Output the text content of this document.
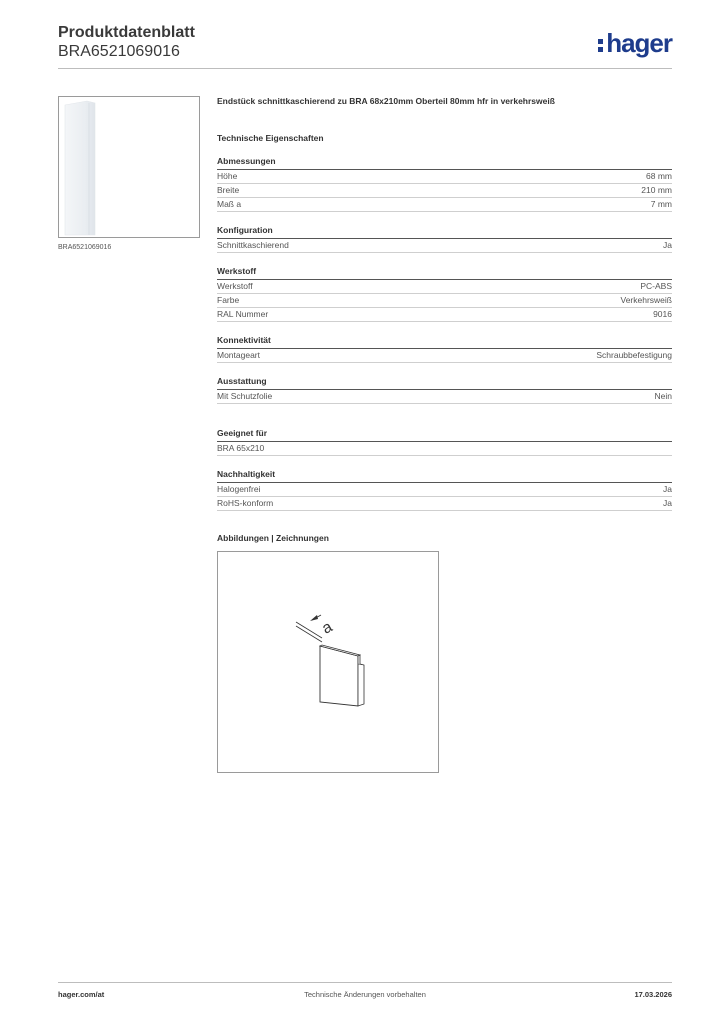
Produktdatenblatt
BRA6521069016	hager
BRA6521069016
Endstück schnittkaschierend zu BRA 68x210mm Oberteil 80mm hfr in verkehrsweiß
Technische Eigenschaften
Abmessungen
Höhe	68 mm
Breite	210 mm
Maß a	7 mm
Konfiguration
Schnittkaschierend	Ja
Werkstoff
Werkstoff	PC-ABS
Farbe	Verkehrsweiß
RAL Nummer	9016
Konnektivität
Montageart	Schraubbefestigung
Ausstattung
Mit Schutzfolie	Nein
Geeignet für
BRA 65x210
Nachhaltigkeit
Halogenfrei	Ja
RoHS-konform	Ja
Abbildungen | Zeichnungen
a
hager.com/at	Technische Änderungen vorbehalten	17.03.2026
